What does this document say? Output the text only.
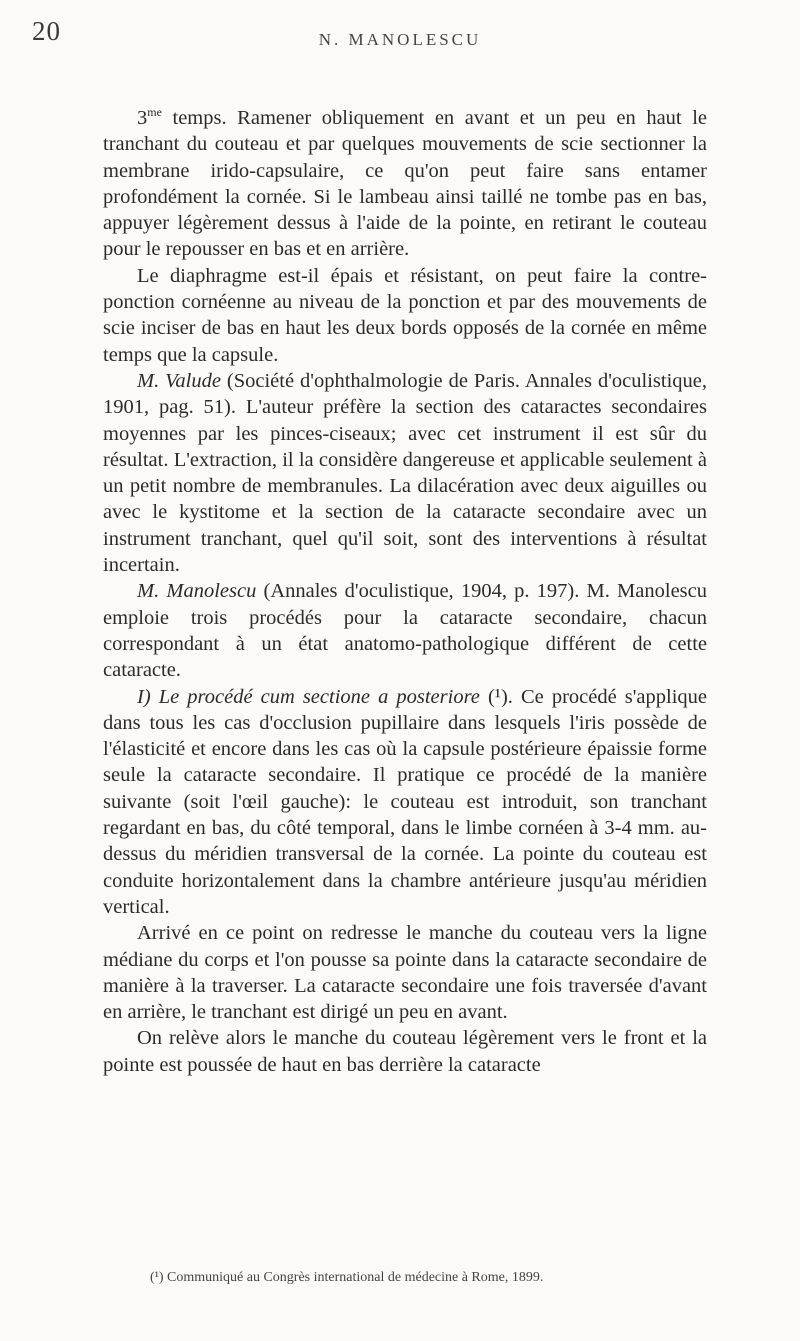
20	N. MANOLESCU

$3^{me}$ temps. Ramener obliquement en avant et un peu en haut le tranchant du couteau et par quelques mouvements de scie sectionner la membrane irido-capsulaire, ce qu'on peut faire sans entamer profondément la cornée. Si le lambeau ainsi taillé ne tombe pas en bas, appuyer légèrement dessus à l'aide de la pointe, en retirant le couteau pour le repousser en bas et en arrière.

Le diaphragme est-il épais et résistant, on peut faire la contre-ponction cornéenne au niveau de la ponction et par des mouvements de scie inciser de bas en haut les deux bords opposés de la cornée en même temps que la capsule.

M. Valude (Société d'ophthalmologie de Paris. Annales d'oculistique, 1901, pag. 51). L'auteur préfère la section des cataractes secondaires moyennes par les pinces-ciseaux; avec cet instrument il est sûr du résultat. L'extraction, il la considère dangereuse et applicable seulement à un petit nombre de membranules. La dilacération avec deux aiguilles ou avec le kystitome et la section de la cataracte secondaire avec un instrument tranchant, quel qu'il soit, sont des interventions à résultat incertain.

M. Manolescu (Annales d'oculistique, 1904, p. 197). M. Manolescu emploie trois procédés pour la cataracte secondaire, chacun correspondant à un état anatomo-pathologique différent de cette cataracte.

I) Le procédé cum sectione a posteriore (¹). Ce procédé s'applique dans tous les cas d'occlusion pupillaire dans lesquels l'iris possède de l'élasticité et encore dans les cas où la capsule postérieure épaissie forme seule la cataracte secondaire. Il pratique ce procédé de la manière suivante (soit l'œil gauche): le couteau est introduit, son tranchant regardant en bas, du côté temporal, dans le limbe cornéen à 3-4 mm. au-dessus du méridien transversal de la cornée. La pointe du couteau est conduite horizontalement dans la chambre antérieure jusqu'au méridien vertical.

Arrivé en ce point on redresse le manche du couteau vers la ligne médiane du corps et l'on pousse sa pointe dans la cataracte secondaire de manière à la traverser. La cataracte secondaire une fois traversée d'avant en arrière, le tranchant est dirigé un peu en avant.

On relève alors le manche du couteau légèrement vers le front et la pointe est poussée de haut en bas derrière la cataracte

(¹) Communiqué au Congrès international de médecine à Rome, 1899.
